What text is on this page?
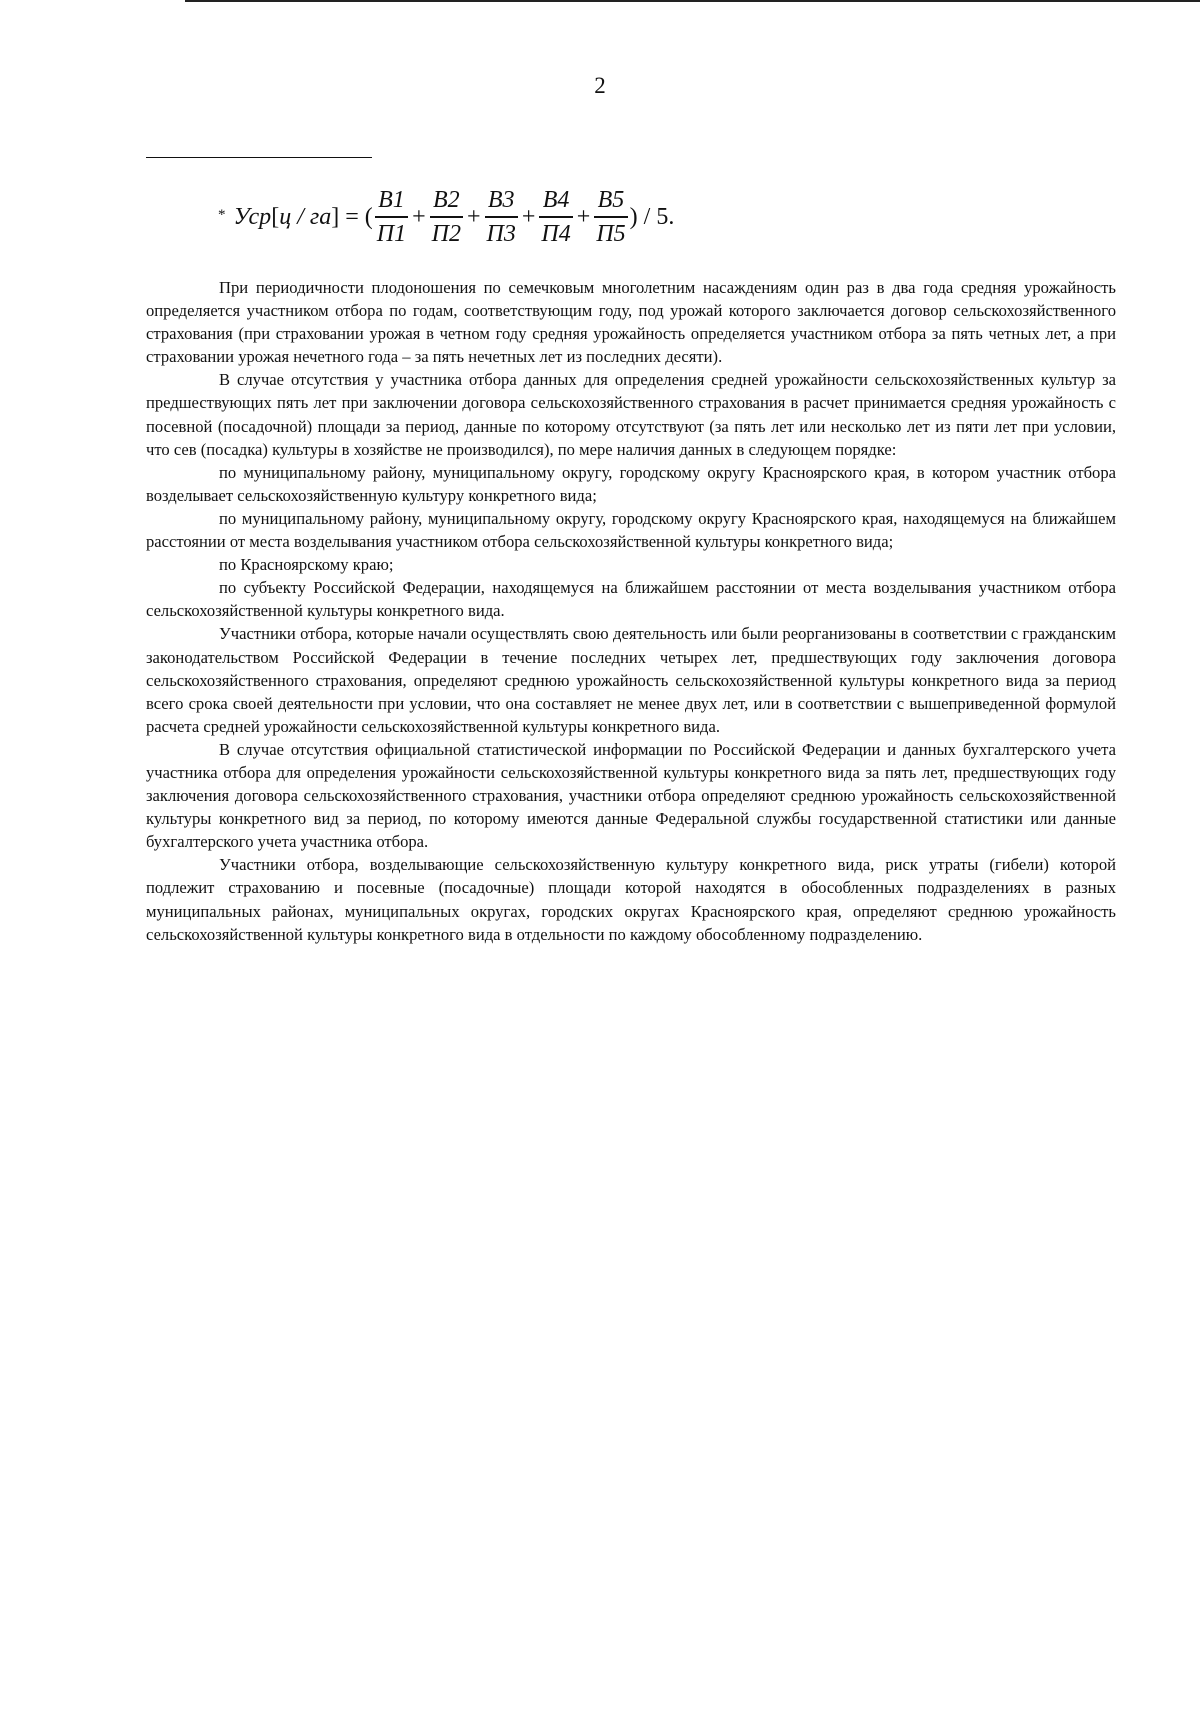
2
* Уср [ ц / га ] = ( $\frac{В1}{П1} + \frac{В2}{П2} + \frac{В3}{П3} + \frac{В4}{П4} + \frac{В5}{П5}$ ) / 5 .

При периодичности плодоношения по семечковым многолетним насаждениям один раз в два года средняя урожайность определяется участником отбора по годам, соответствующим году, под урожай которого заключается договор сельскохозяйственного страхования (при страховании урожая в четном году средняя урожайность определяется участником отбора за пять четных лет, а при страховании урожая нечетного года – за пять нечетных лет из последних десяти).

В случае отсутствия у участника отбора данных для определения средней урожайности сельскохозяйственных культур за предшествующих пять лет при заключении договора сельскохозяйственного страхования в расчет принимается средняя урожайность с посевной (посадочной) площади за период, данные по которому отсутствуют (за пять лет или несколько лет из пяти лет при условии, что сев (посадка) культуры в хозяйстве не производился), по мере наличия данных в следующем порядке:

по муниципальному району, муниципальному округу, городскому округу Красноярского края, в котором участник отбора возделывает сельскохозяйственную культуру конкретного вида;

по муниципальному району, муниципальному округу, городскому округу Красноярского края, находящемуся на ближайшем расстоянии от места возделывания участником отбора сельскохозяйственной культуры конкретного вида;

по Красноярскому краю;

по субъекту Российской Федерации, находящемуся на ближайшем расстоянии от места возделывания участником отбора сельскохозяйственной культуры конкретного вида.

Участники отбора, которые начали осуществлять свою деятельность или были реорганизованы в соответствии с гражданским законодательством Российской Федерации в течение последних четырех лет, предшествующих году заключения договора сельскохозяйственного страхования, определяют среднюю урожайность сельскохозяйственной культуры конкретного вида за период всего срока своей деятельности при условии, что она составляет не менее двух лет, или в соответствии с вышеприведенной формулой расчета средней урожайности сельскохозяйственной культуры конкретного вида.

В случае отсутствия официальной статистической информации по Российской Федерации и данных бухгалтерского учета участника отбора для определения урожайности сельскохозяйственной культуры конкретного вида за пять лет, предшествующих году заключения договора сельскохозяйственного страхования, участники отбора определяют среднюю урожайность сельскохозяйственной культуры конкретного вид за период, по которому имеются данные Федеральной службы государственной статистики или данные бухгалтерского учета участника отбора.

Участники отбора, возделывающие сельскохозяйственную культуру конкретного вида, риск утраты (гибели) которой подлежит страхованию и посевные (посадочные) площади которой находятся в обособленных подразделениях в разных муниципальных районах, муниципальных округах, городских округах Красноярского края, определяют среднюю урожайность сельскохозяйственной культуры конкретного вида в отдельности по каждому обособленному подразделению.
